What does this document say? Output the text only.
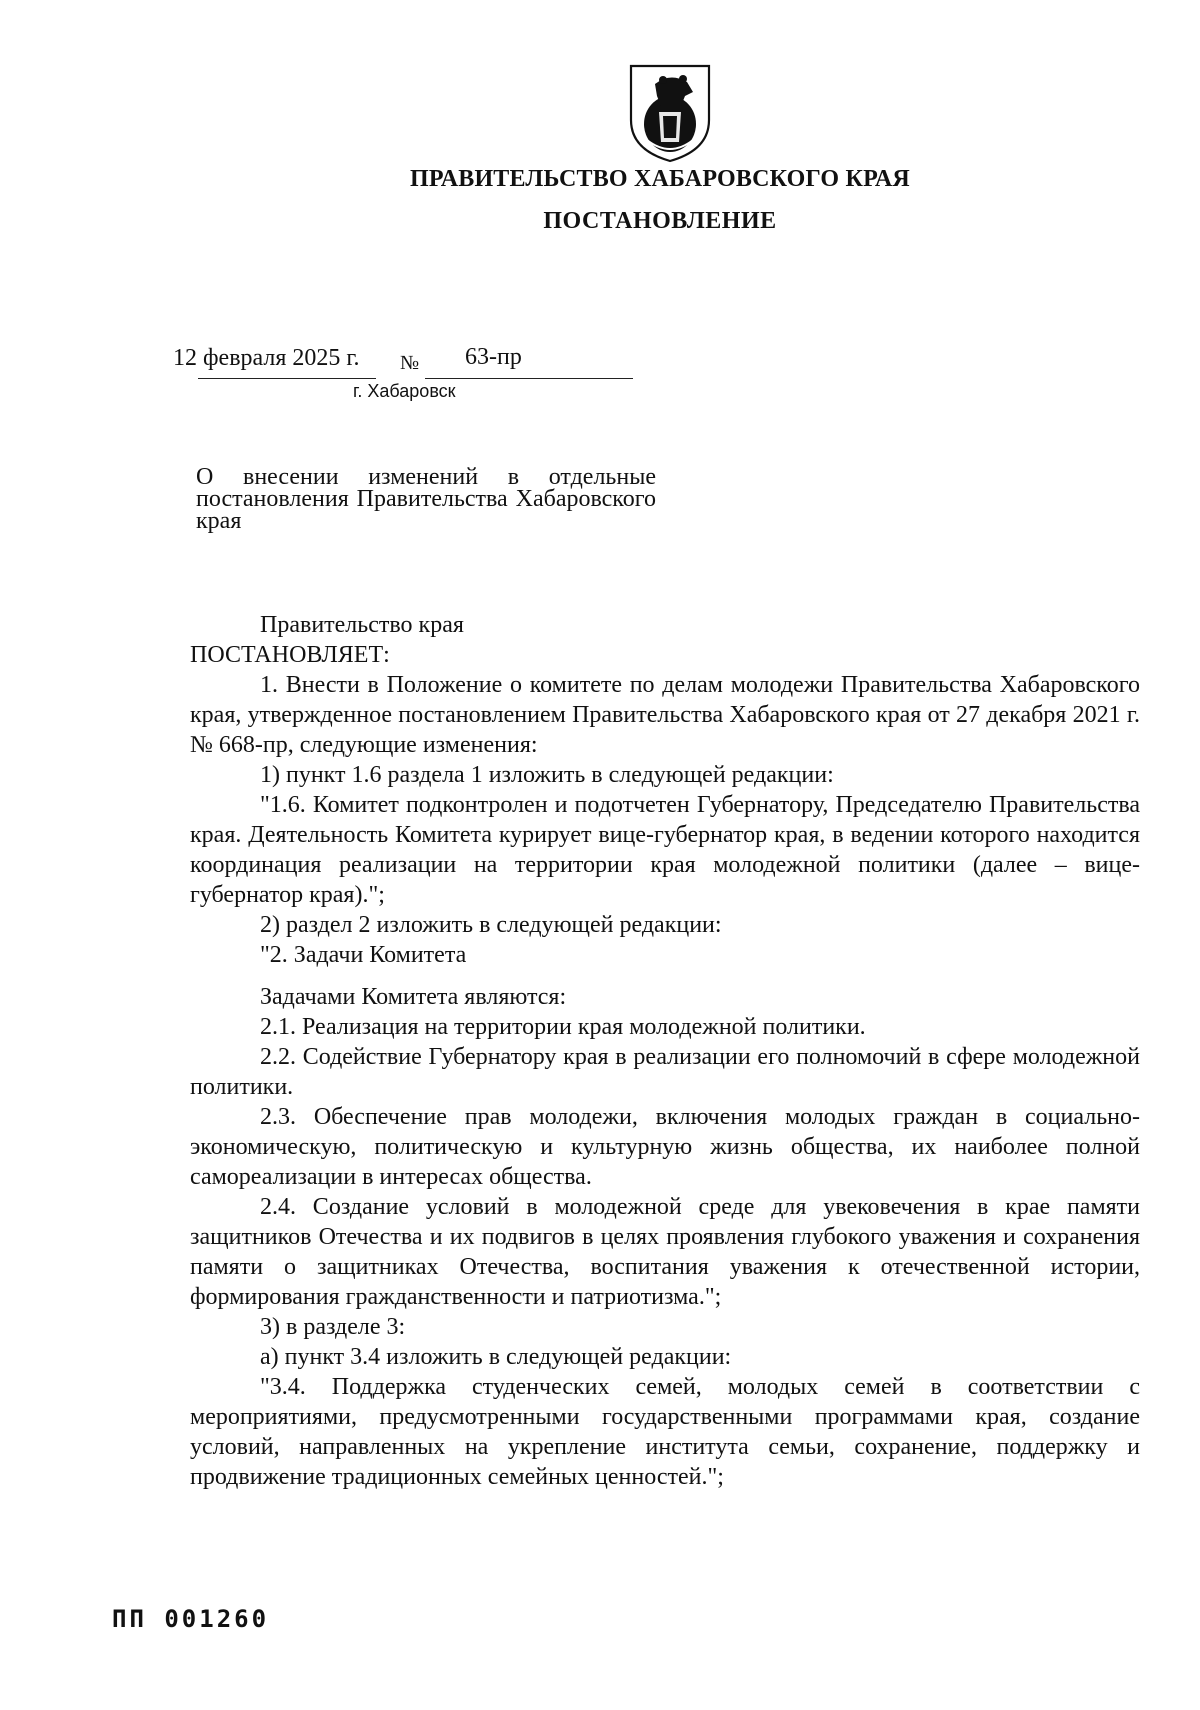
ПРАВИТЕЛЬСТВО ХАБАРОВСКОГО КРАЯ
ПОСТАНОВЛЕНИЕ
12 февраля 2025 г. № 63-пр
г. Хабаровск
О внесении изменений в отдельные постановления Правительства Хабаровского края

Правительство края

ПОСТАНОВЛЯЕТ:

1. Внести в Положение о комитете по делам молодежи Правительства Хабаровского края, утвержденное постановлением Правительства Хабаровского края от 27 декабря 2021 г. № 668-пр, следующие изменения:

1) пункт 1.6 раздела 1 изложить в следующей редакции:

"1.6. Комитет подконтролен и подотчетен Губернатору, Председателю Правительства края. Деятельность Комитета курирует вице-губернатор края, в ведении которого находится координация реализации на территории края молодежной политики (далее – вице-губернатор края).";

2) раздел 2 изложить в следующей редакции:

"2. Задачи Комитета

Задачами Комитета являются:

2.1. Реализация на территории края молодежной политики.

2.2. Содействие Губернатору края в реализации его полномочий в сфере молодежной политики.

2.3. Обеспечение прав молодежи, включения молодых граждан в социально-экономическую, политическую и культурную жизнь общества, их наиболее полной самореализации в интересах общества.

2.4. Создание условий в молодежной среде для увековечения в крае памяти защитников Отечества и их подвигов в целях проявления глубокого уважения и сохранения памяти о защитниках Отечества, воспитания уважения к отечественной истории, формирования гражданственности и патриотизма.";

3) в разделе 3:

а) пункт 3.4 изложить в следующей редакции:

"3.4. Поддержка студенческих семей, молодых семей в соответствии с мероприятиями, предусмотренными государственными программами края, создание условий, направленных на укрепление института семьи, сохранение, поддержку и продвижение традиционных семейных ценностей.";

ПП 001260
